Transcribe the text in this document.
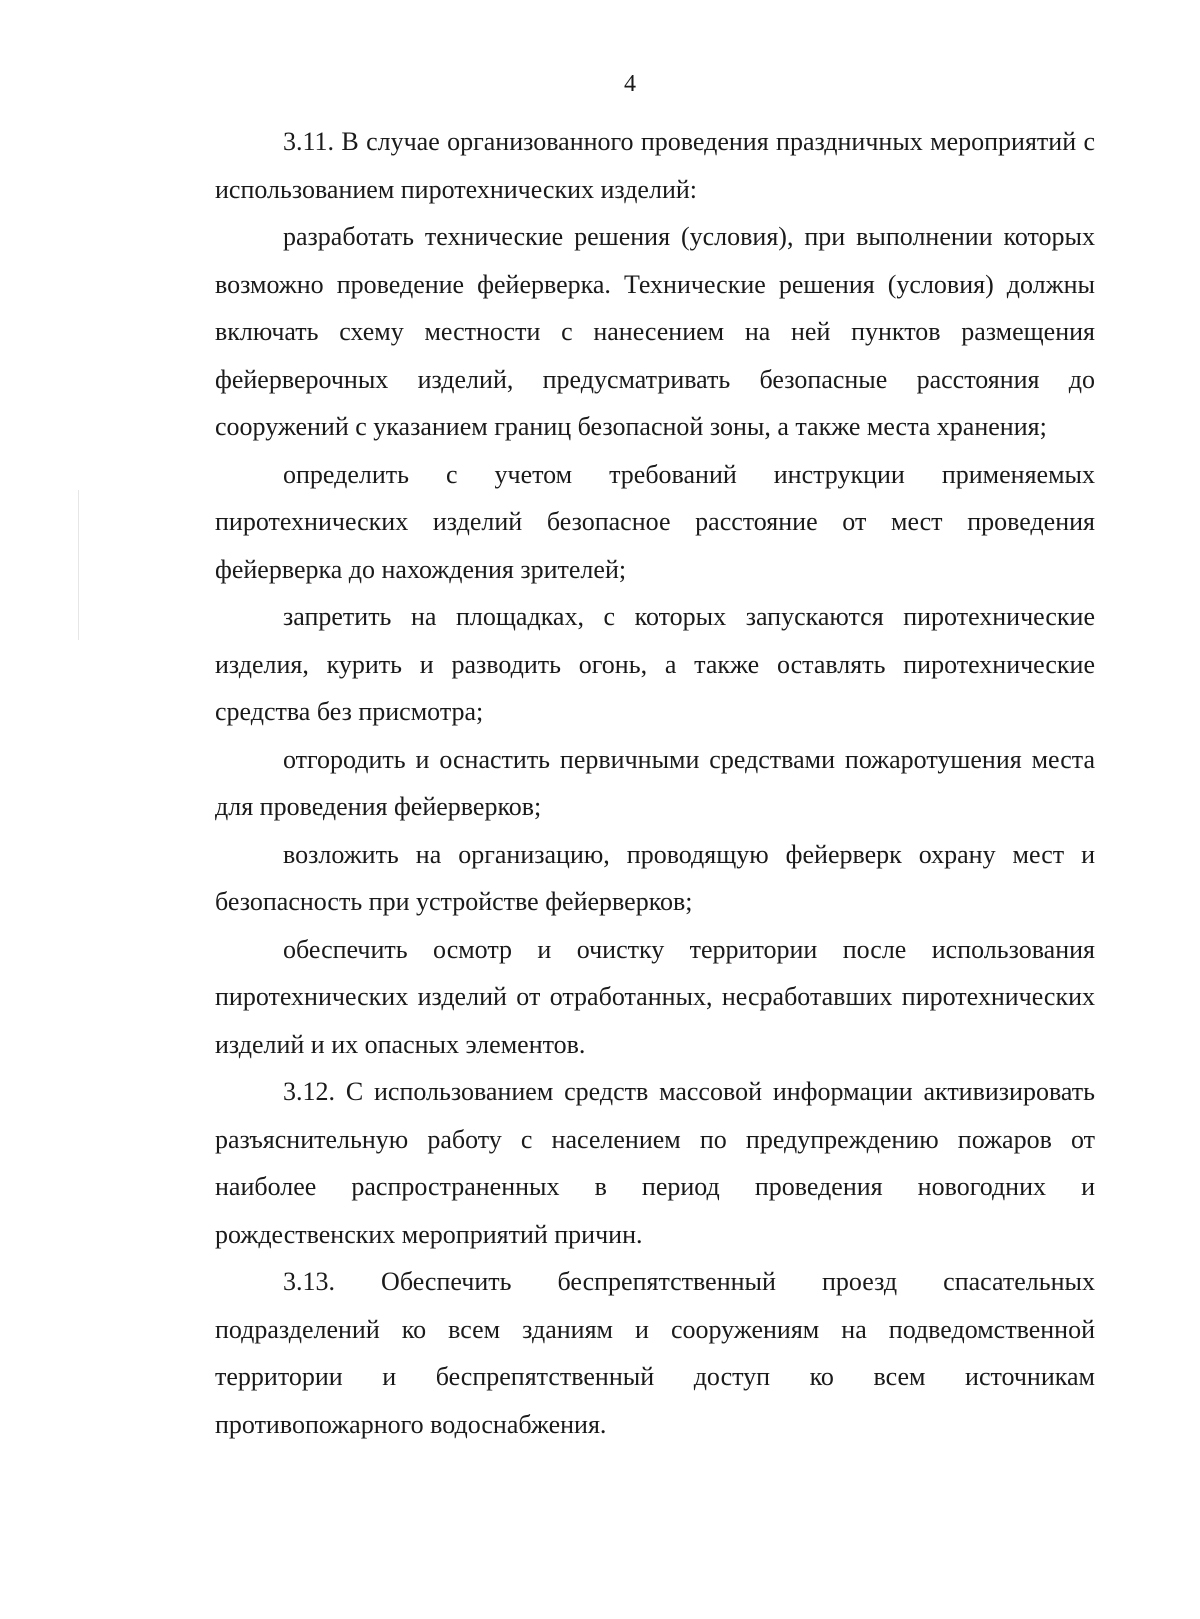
4

3.11. В случае организованного проведения праздничных мероприятий с использованием пиротехнических изделий:

разработать технические решения (условия), при выполнении которых возможно проведение фейерверка. Технические решения (условия) должны включать схему местности с нанесением на ней пунктов размещения фейерверочных изделий, предусматривать безопасные расстояния до сооружений с указанием границ безопасной зоны, а также места хранения;

определить с учетом требований инструкции применяемых пиротехнических изделий безопасное расстояние от мест проведения фейерверка до нахождения зрителей;

запретить на площадках, с которых запускаются пиротехнические изделия, курить и разводить огонь, а также оставлять пиротехнические средства без присмотра;

отгородить и оснастить первичными средствами пожаротушения места для проведения фейерверков;

возложить на организацию, проводящую фейерверк охрану мест и безопасность при устройстве фейерверков;

обеспечить осмотр и очистку территории после использования пиротехнических изделий от отработанных, несработавших пиротехнических изделий и их опасных элементов.

3.12. С использованием средств массовой информации активизировать разъяснительную работу с населением по предупреждению пожаров от наиболее распространенных в период проведения новогодних и рождественских мероприятий причин.

3.13. Обеспечить беспрепятственный проезд спасательных подразделений ко всем зданиям и сооружениям на подведомственной территории и беспрепятственный доступ ко всем источникам противопожарного водоснабжения.
